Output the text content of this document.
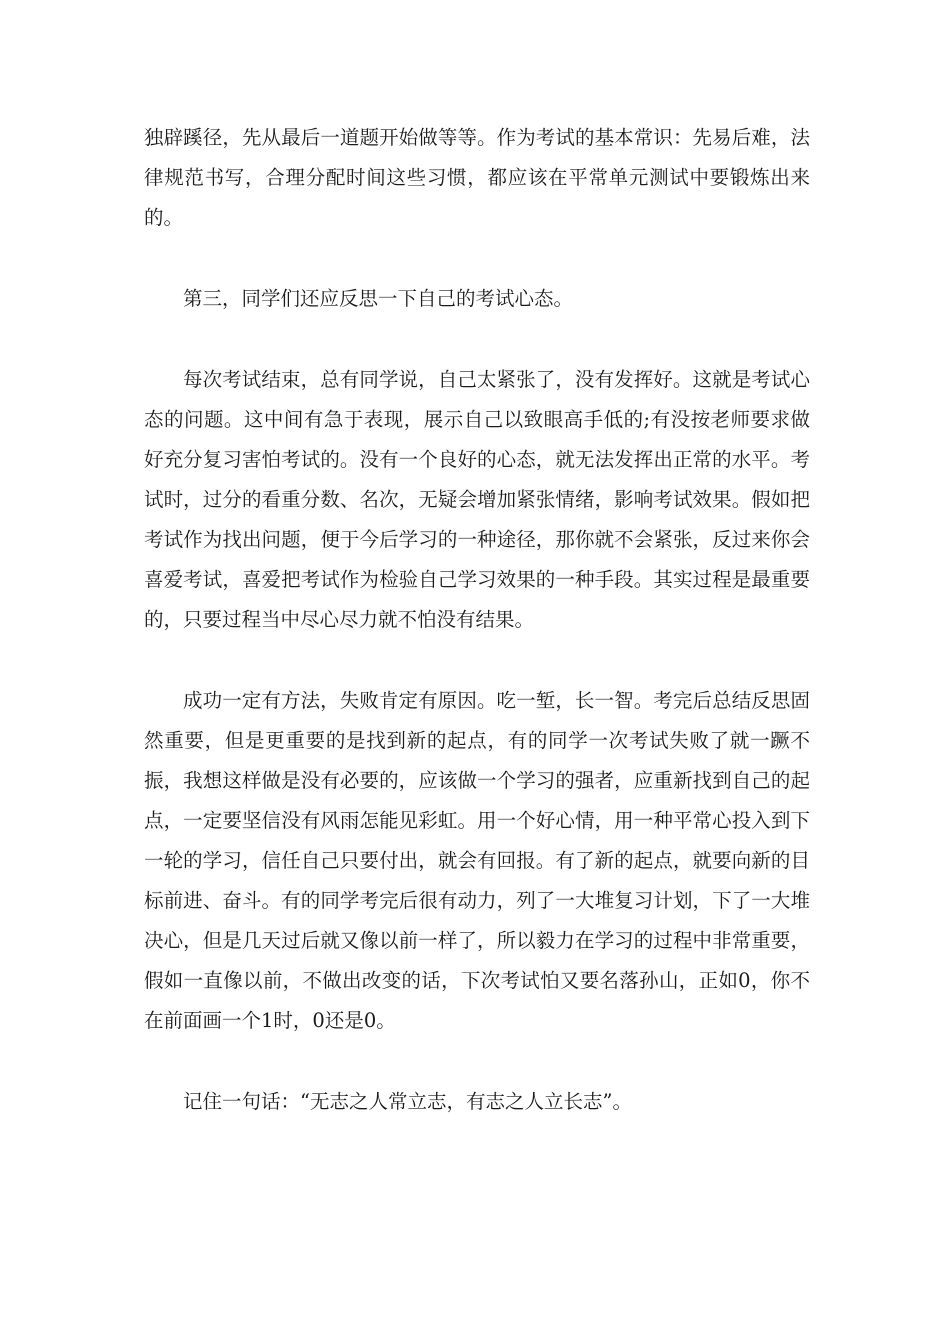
独辟蹊径，先从最后一道题开始做等等。作为考试的基本常识：先易后难，法律规范书写，合理分配时间这些习惯，都应该在平常单元测试中要锻炼出来的。

第三，同学们还应反思一下自己的考试心态。

每次考试结束，总有同学说，自己太紧张了，没有发挥好。这就是考试心态的问题。这中间有急于表现，展示自己以致眼高手低的;有没按老师要求做好充分复习害怕考试的。没有一个良好的心态，就无法发挥出正常的水平。考试时，过分的看重分数、名次，无疑会增加紧张情绪，影响考试效果。假如把考试作为找出问题，便于今后学习的一种途径，那你就不会紧张，反过来你会喜爱考试，喜爱把考试作为检验自己学习效果的一种手段。其实过程是最重要的，只要过程当中尽心尽力就不怕没有结果。

成功一定有方法，失败肯定有原因。吃一堑，长一智。考完后总结反思固然重要，但是更重要的是找到新的起点，有的同学一次考试失败了就一蹶不振，我想这样做是没有必要的，应该做一个学习的强者，应重新找到自己的起点，一定要坚信没有风雨怎能见彩虹。用一个好心情，用一种平常心投入到下一轮的学习，信任自己只要付出，就会有回报。有了新的起点，就要向新的目标前进、奋斗。有的同学考完后很有动力，列了一大堆复习计划，下了一大堆决心，但是几天过后就又像以前一样了，所以毅力在学习的过程中非常重要，假如一直像以前，不做出改变的话，下次考试怕又要名落孙山，正如0，你不在前面画一个1时，0还是0。

记住一句话：“无志之人常立志，有志之人立长志”。
